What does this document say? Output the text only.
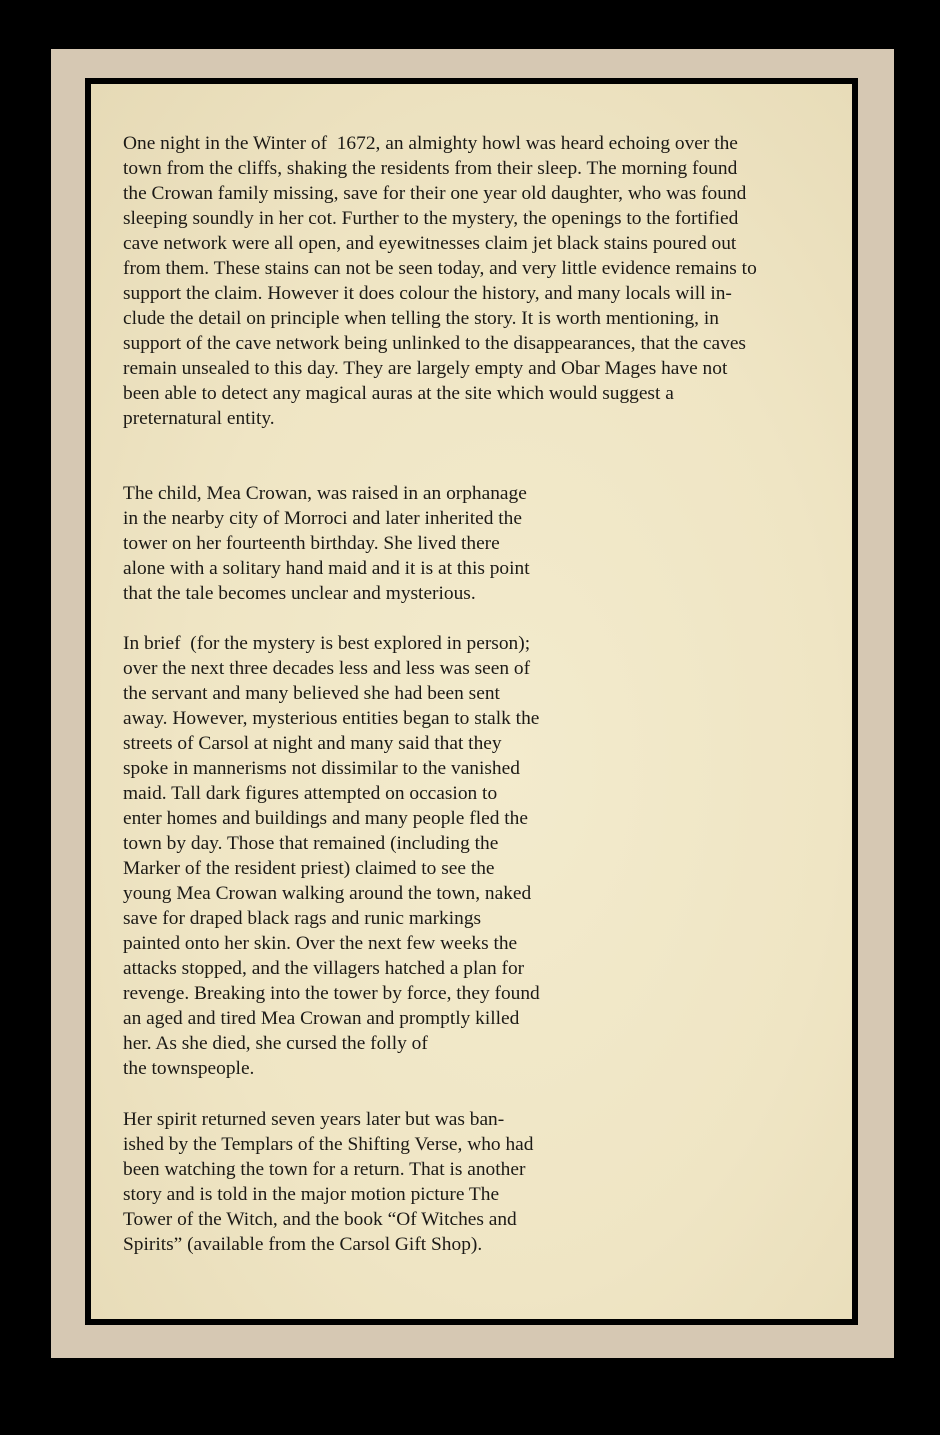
One night in the Winter of  1672, an almighty howl was heard echoing over the
town from the cliffs, shaking the residents from their sleep. The morning found
the Crowan family missing, save for their one year old daughter, who was found
sleeping soundly in her cot. Further to the mystery, the openings to the fortified
cave network were all open, and eyewitnesses claim jet black stains poured out
from them. These stains can not be seen today, and very little evidence remains to
support the claim. However it does colour the history, and many locals will in-
clude the detail on principle when telling the story. It is worth mentioning, in
support of the cave network being unlinked to the disappearances, that the caves
remain unsealed to this day. They are largely empty and Obar Mages have not
been able to detect any magical auras at the site which would suggest a
preternatural entity.

The child, Mea Crowan, was raised in an orphanage
in the nearby city of Morroci and later inherited the
tower on her fourteenth birthday. She lived there
alone with a solitary hand maid and it is at this point
that the tale becomes unclear and mysterious.

In brief  (for the mystery is best explored in person);
over the next three decades less and less was seen of
the servant and many believed she had been sent
away. However, mysterious entities began to stalk the
streets of Carsol at night and many said that they
spoke in mannerisms not dissimilar to the vanished
maid. Tall dark figures attempted on occasion to
enter homes and buildings and many people fled the
town by day. Those that remained (including the
Marker of the resident priest) claimed to see the
young Mea Crowan walking around the town, naked
save for draped black rags and runic markings
painted onto her skin. Over the next few weeks the
attacks stopped, and the villagers hatched a plan for
revenge. Breaking into the tower by force, they found
an aged and tired Mea Crowan and promptly killed
her. As she died, she cursed the folly of
the townspeople.

Her spirit returned seven years later but was ban-
ished by the Templars of the Shifting Verse, who had
been watching the town for a return. That is another
story and is told in the major motion picture The
Tower of the Witch, and the book “Of Witches and
Spirits” (available from the Carsol Gift Shop).
